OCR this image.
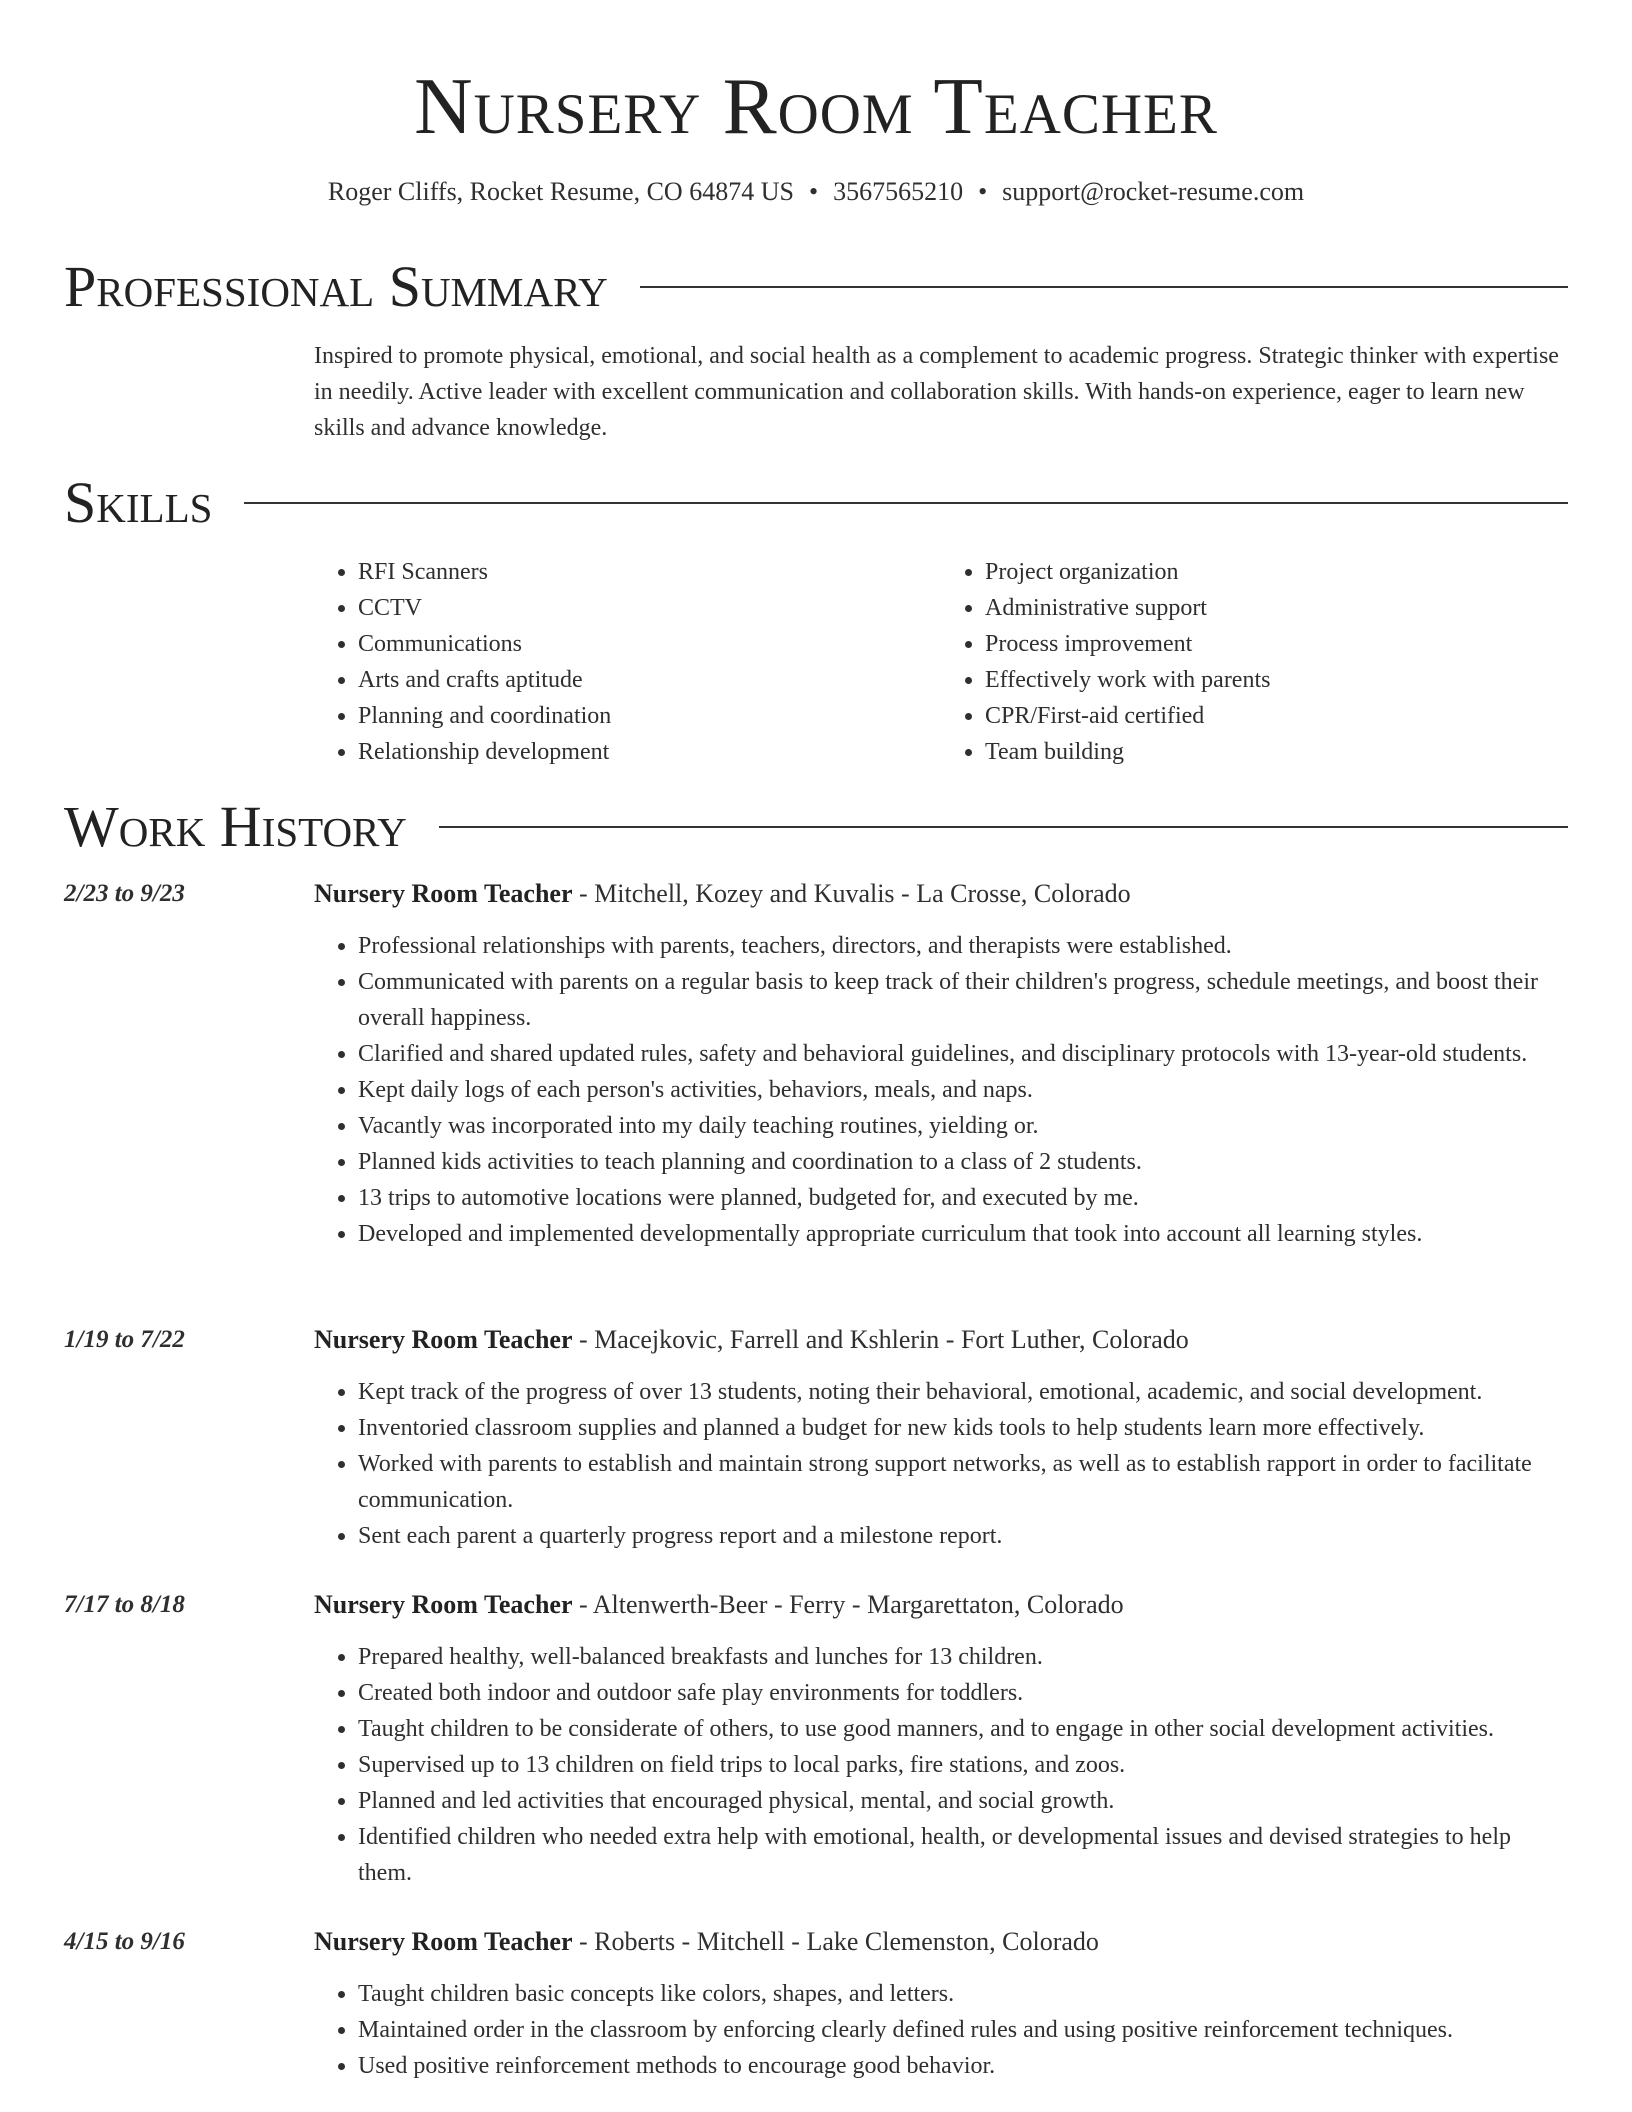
Nursery Room Teacher
Roger Cliffs, Rocket Resume, CO 64874 US • 3567565210 • support@rocket-resume.com
Professional Summary

Inspired to promote physical, emotional, and social health as a complement to academic progress. Strategic thinker with expertise in needily. Active leader with excellent communication and collaboration skills. With hands-on experience, eager to learn new skills and advance knowledge.

Skills
• RFI Scanners
• CCTV
• Communications
• Arts and crafts aptitude
• Planning and coordination
• Relationship development
• Project organization
• Administrative support
• Process improvement
• Effectively work with parents
• CPR/First-aid certified
• Team building
Work History
2/23 to 9/23	Nursery Room Teacher - Mitchell, Kozey and Kuvalis - La Crosse, Colorado
• Professional relationships with parents, teachers, directors, and therapists were established.
• Communicated with parents on a regular basis to keep track of their children's progress, schedule meetings, and boost their overall happiness.
• Clarified and shared updated rules, safety and behavioral guidelines, and disciplinary protocols with 13-year-old students.
• Kept daily logs of each person's activities, behaviors, meals, and naps.
• Vacantly was incorporated into my daily teaching routines, yielding or.
• Planned kids activities to teach planning and coordination to a class of 2 students.
• 13 trips to automotive locations were planned, budgeted for, and executed by me.
• Developed and implemented developmentally appropriate curriculum that took into account all learning styles.
1/19 to 7/22	Nursery Room Teacher - Macejkovic, Farrell and Kshlerin - Fort Luther, Colorado
• Kept track of the progress of over 13 students, noting their behavioral, emotional, academic, and social development.
• Inventoried classroom supplies and planned a budget for new kids tools to help students learn more effectively.
• Worked with parents to establish and maintain strong support networks, as well as to establish rapport in order to facilitate communication.
• Sent each parent a quarterly progress report and a milestone report.
7/17 to 8/18	Nursery Room Teacher - Altenwerth-Beer - Ferry - Margarettaton, Colorado
• Prepared healthy, well-balanced breakfasts and lunches for 13 children.
• Created both indoor and outdoor safe play environments for toddlers.
• Taught children to be considerate of others, to use good manners, and to engage in other social development activities.
• Supervised up to 13 children on field trips to local parks, fire stations, and zoos.
• Planned and led activities that encouraged physical, mental, and social growth.
• Identified children who needed extra help with emotional, health, or developmental issues and devised strategies to help them.
4/15 to 9/16	Nursery Room Teacher - Roberts - Mitchell - Lake Clemenston, Colorado
• Taught children basic concepts like colors, shapes, and letters.
• Maintained order in the classroom by enforcing clearly defined rules and using positive reinforcement techniques.
• Used positive reinforcement methods to encourage good behavior.
